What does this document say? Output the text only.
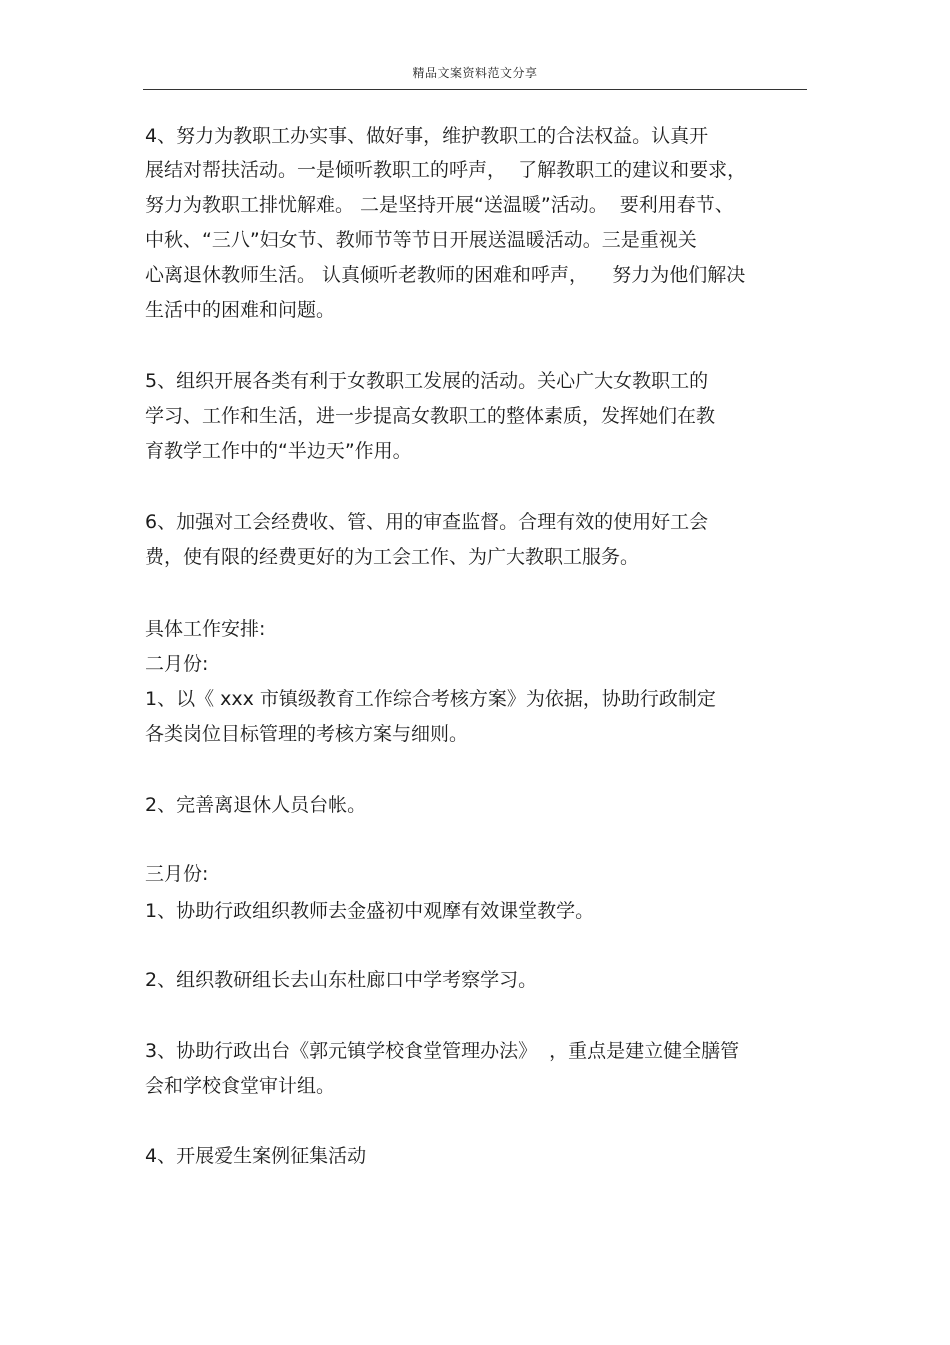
精品文案资料范文分享
4、努力为教职工办实事、做好事，维护教职工的合法权益。认真开
展结对帮扶活动。一是倾听教职工的呼声，  了解教职工的建议和要求，
努力为教职工排忧解难。 二是坚持开展“送温暖”活动。  要利用春节、
中秋、“三八”妇女节、教师节等节日开展送温暖活动。三是重视关
心离退休教师生活。 认真倾听老教师的困难和呼声，    努力为他们解决
生活中的困难和问题。
5、组织开展各类有利于女教职工发展的活动。关心广大女教职工的
学习、工作和生活，进一步提高女教职工的整体素质，发挥她们在教
育教学工作中的“半边天”作用。
6、加强对工会经费收、管、用的审查监督。合理有效的使用好工会
费，使有限的经费更好的为工会工作、为广大教职工服务。
具体工作安排:
二月份:
1、以《 xxx 市镇级教育工作综合考核方案》为依据，协助行政制定
各类岗位目标管理的考核方案与细则。
2、完善离退休人员台帐。
三月份:
1、协助行政组织教师去金盛初中观摩有效课堂教学。
2、组织教研组长去山东杜廊口中学考察学习。
3、协助行政出台《郭元镇学校食堂管理办法》  ，重点是建立健全膳管
会和学校食堂审计组。
4、开展爱生案例征集活动
